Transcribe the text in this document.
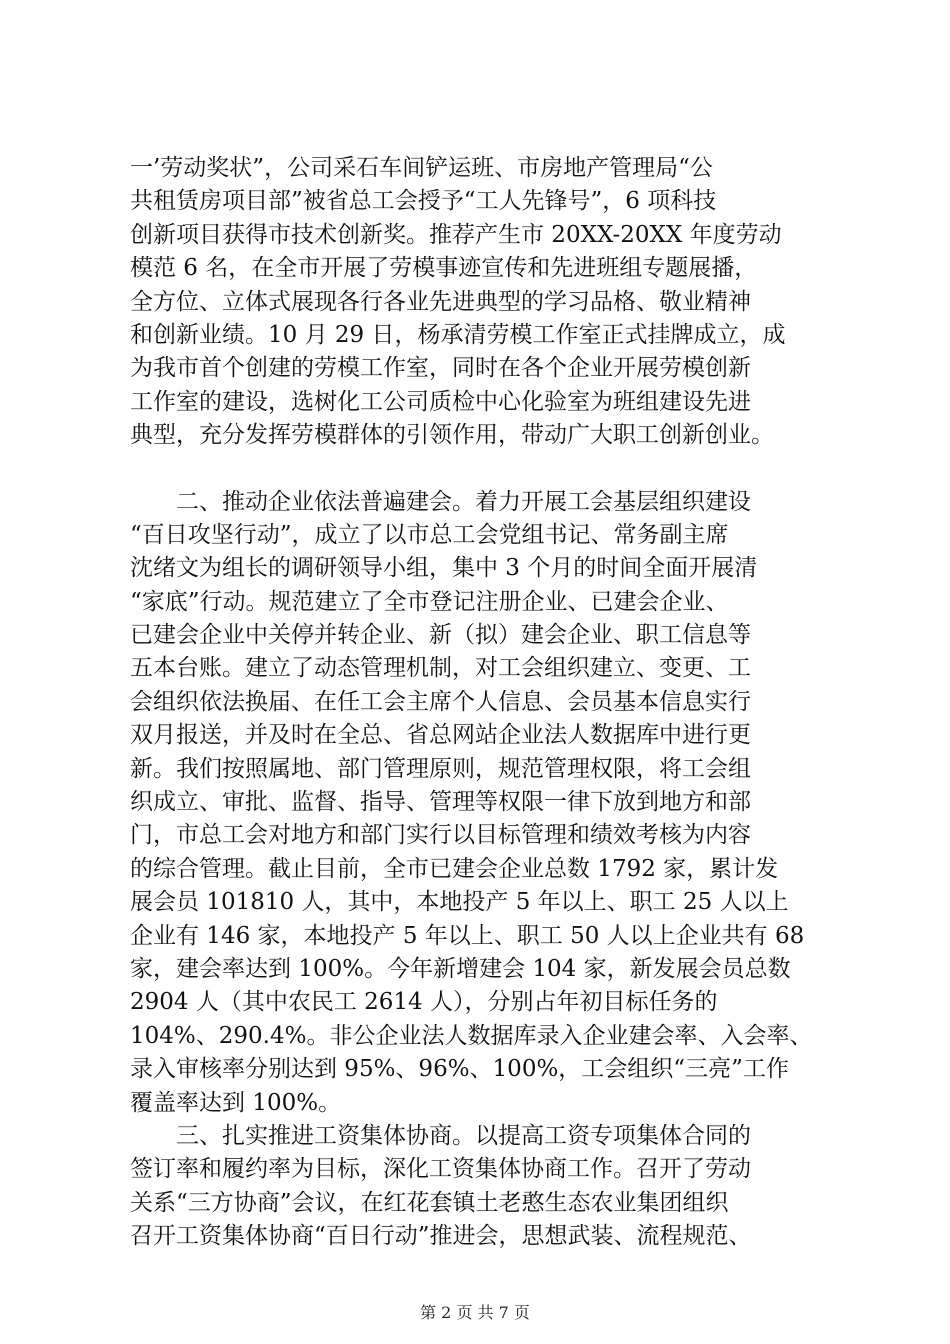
一’劳动奖状”，公司采石车间铲运班、市房地产管理局“公
共租赁房项目部”被省总工会授予“工人先锋号”，6 项科技
创新项目获得市技术创新奖。推荐产生市 20XX-20XX 年度劳动
模范 6 名，在全市开展了劳模事迹宣传和先进班组专题展播，
全方位、立体式展现各行各业先进典型的学习品格、敬业精神
和创新业绩。10 月 29 日，杨承清劳模工作室正式挂牌成立，成
为我市首个创建的劳模工作室，同时在各个企业开展劳模创新
工作室的建设，选树化工公司质检中心化验室为班组建设先进
典型，充分发挥劳模群体的引领作用，带动广大职工创新创业。
　　二、推动企业依法普遍建会。着力开展工会基层组织建设
“百日攻坚行动”，成立了以市总工会党组书记、常务副主席
沈绪文为组长的调研领导小组，集中 3 个月的时间全面开展清
“家底”行动。规范建立了全市登记注册企业、已建会企业、
已建会企业中关停并转企业、新（拟）建会企业、职工信息等
五本台账。建立了动态管理机制，对工会组织建立、变更、工
会组织依法换届、在任工会主席个人信息、会员基本信息实行
双月报送，并及时在全总、省总网站企业法人数据库中进行更
新。我们按照属地、部门管理原则，规范管理权限，将工会组
织成立、审批、监督、指导、管理等权限一律下放到地方和部
门，市总工会对地方和部门实行以目标管理和绩效考核为内容
的综合管理。截止目前，全市已建会企业总数 1792 家，累计发
展会员 101810 人，其中，本地投产 5 年以上、职工 25 人以上
企业有 146 家，本地投产 5 年以上、职工 50 人以上企业共有 68
家，建会率达到 100%。今年新增建会 104 家，新发展会员总数
2904 人（其中农民工 2614 人），分别占年初目标任务的
104%、290.4%。非公企业法人数据库录入企业建会率、入会率、
录入审核率分别达到 95%、96%、100%，工会组织“三亮”工作
覆盖率达到 100%。
　　三、扎实推进工资集体协商。以提高工资专项集体合同的
签订率和履约率为目标，深化工资集体协商工作。召开了劳动
关系“三方协商”会议，在红花套镇土老憨生态农业集团组织
召开工资集体协商“百日行动”推进会，思想武装、流程规范、
第 2 页 共 7 页
